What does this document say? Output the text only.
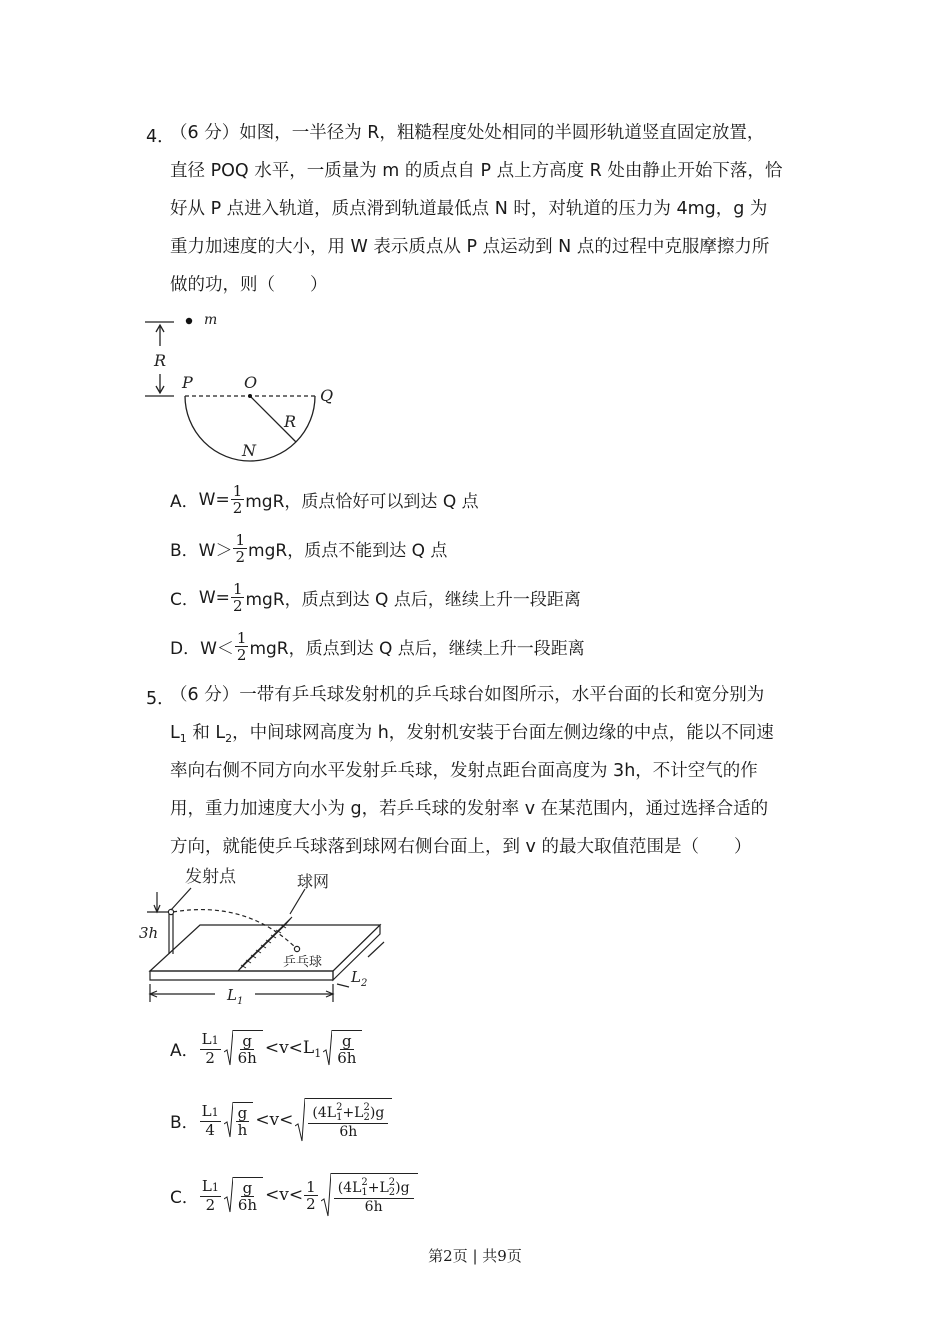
4．
（6 分）如图，一半径为 R，粗糙程度处处相同的半圆形轨道竖直固定放置，
直径 POQ 水平，一质量为 m 的质点自 P 点上方高度 R 处由静止开始下落，恰
好从 P 点进入轨道，质点滑到轨道最低点 N 时，对轨道的压力为 4mg，g 为
重力加速度的大小，用 W 表示质点从 P 点运动到 N 点的过程中克服摩擦力所
做的功，则（　　）
m
R
P	O
Q
R
N
A． $W= \frac{1}{2}$ mgR，质点恰好可以到达 Q 点
B． $W> \frac{1}{2}$ mgR，质点不能到达 Q 点
C． $W= \frac{1}{2}$ mgR，质点到达 Q 点后，继续上升一段距离
D． $W< \frac{1}{2}$ mgR，质点到达 Q 点后，继续上升一段距离
5．
（6 分）一带有乒乓球发射机的乒乓球台如图所示，水平台面的长和宽分别为
$L_1$ 和 $L_2$，中间球网高度为 h，发射机安装于台面左侧边缘的中点，能以不同速
率向右侧不同方向水平发射乒乓球，发射点距台面高度为 3h，不计空气的作
用，重力加速度大小为 g，若乒乓球的发射率 v 在某范围内，通过选择合适的
方向，就能使乒乓球落到球网右侧台面上，到 v 的最大取值范围是（　　）
发射点	球网
乒乓球
3h
$L_1$
$L_2$
A． $\frac{L1}{2} \frac{g}{6h} <v< L_1 \frac{g}{6h}$
B． $\frac{L1}{4} \frac{g}{h} <v< (4L$ 2
1 +L 2
2 )g
6h
C． $\frac{L1}{2} \frac{g}{6h} <v< \frac{1}{2} (4L$ 2
1 +L 2
2 )g
6h
第2页 | 共9页
